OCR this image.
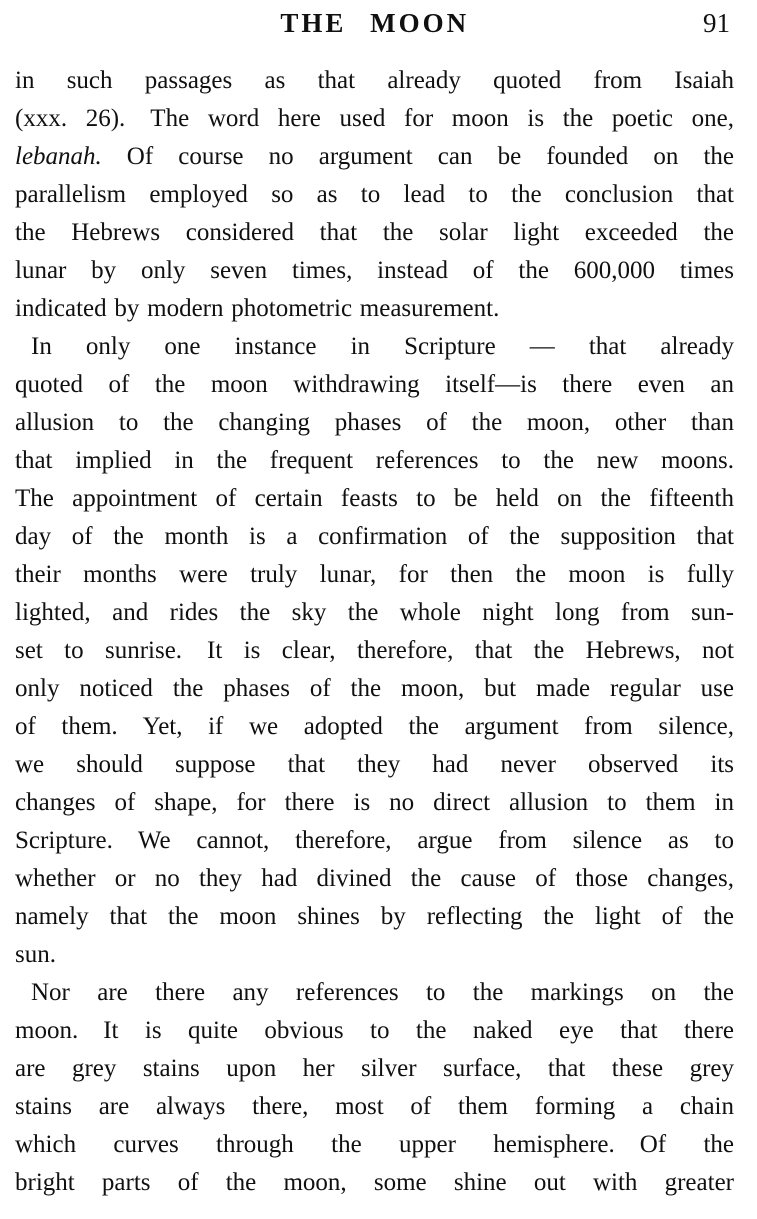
THE MOON	91
in such passages as that already quoted from Isaiah
(xxx. 26). The word here used for moon is the poetic one,
lebanah. Of course no argument can be founded on the
parallelism employed so as to lead to the conclusion that
the Hebrews considered that the solar light exceeded the
lunar by only seven times, instead of the 600,000 times
indicated by modern photometric measurement.
In only one instance in Scripture — that already
quoted of the moon withdrawing itself—is there even an
allusion to the changing phases of the moon, other than
that implied in the frequent references to the new moons.
The appointment of certain feasts to be held on the fifteenth
day of the month is a confirmation of the supposition that
their months were truly lunar, for then the moon is fully
lighted, and rides the sky the whole night long from sun-
set to sunrise. It is clear, therefore, that the Hebrews, not
only noticed the phases of the moon, but made regular use
of them. Yet, if we adopted the argument from silence,
we should suppose that they had never observed its
changes of shape, for there is no direct allusion to them in
Scripture. We cannot, therefore, argue from silence as to
whether or no they had divined the cause of those changes,
namely that the moon shines by reflecting the light of the
sun.
Nor are there any references to the markings on the
moon. It is quite obvious to the naked eye that there
are grey stains upon her silver surface, that these grey
stains are always there, most of them forming a chain
which curves through the upper hemisphere. Of the
bright parts of the moon, some shine out with greater
